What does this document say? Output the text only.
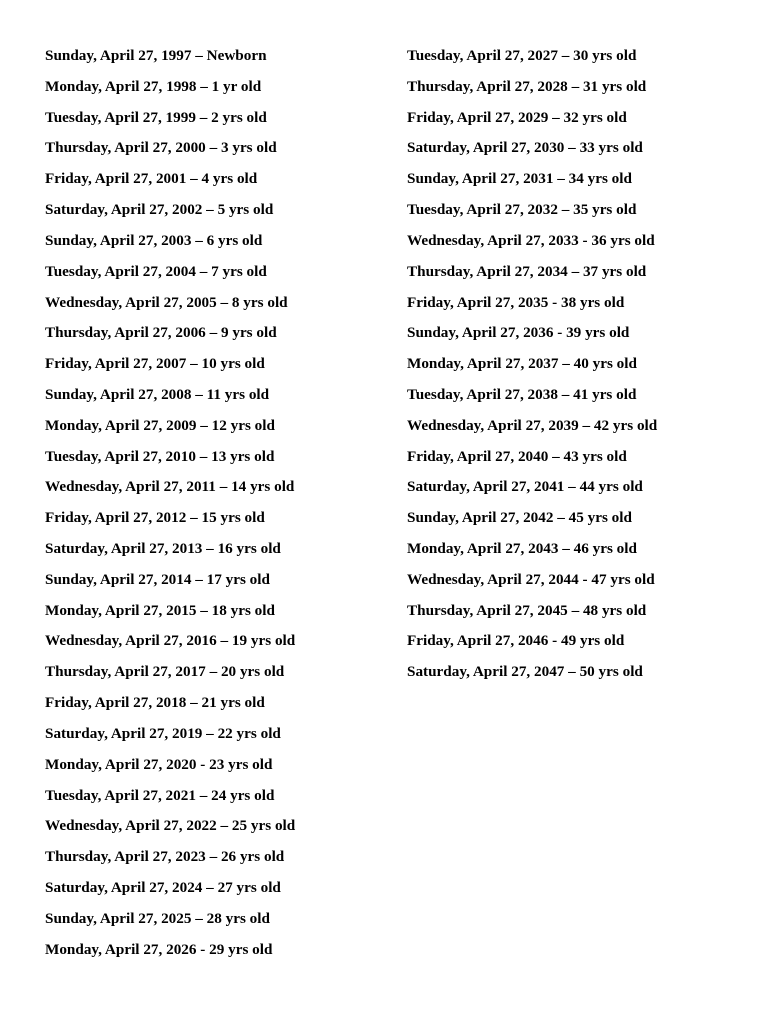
Sunday, April 27, 1997 – Newborn
Monday, April 27, 1998 – 1 yr old
Tuesday, April 27, 1999 – 2 yrs old
Thursday, April 27, 2000 – 3 yrs old
Friday, April 27, 2001 – 4 yrs old
Saturday, April 27, 2002 – 5 yrs old
Sunday, April 27, 2003 – 6 yrs old
Tuesday, April 27, 2004 – 7 yrs old
Wednesday, April 27, 2005 – 8 yrs old
Thursday, April 27, 2006 – 9 yrs old
Friday, April 27, 2007 – 10 yrs old
Sunday, April 27, 2008 – 11 yrs old
Monday, April 27, 2009 – 12 yrs old
Tuesday, April 27, 2010 – 13 yrs old
Wednesday, April 27, 2011 – 14 yrs old
Friday, April 27, 2012 – 15 yrs old
Saturday, April 27, 2013 – 16 yrs old
Sunday, April 27, 2014 – 17 yrs old
Monday, April 27, 2015 – 18 yrs old
Wednesday, April 27, 2016 – 19 yrs old
Thursday, April 27, 2017 – 20 yrs old
Friday, April 27, 2018 – 21 yrs old
Saturday, April 27, 2019 – 22 yrs old
Monday, April 27, 2020 - 23 yrs old
Tuesday, April 27, 2021 – 24 yrs old
Wednesday, April 27, 2022 – 25 yrs old
Thursday, April 27, 2023 – 26 yrs old
Saturday, April 27, 2024 – 27 yrs old
Sunday, April 27, 2025 – 28 yrs old
Monday, April 27, 2026 - 29 yrs old
Tuesday, April 27, 2027 – 30 yrs old
Thursday, April 27, 2028 – 31 yrs old
Friday, April 27, 2029 – 32 yrs old
Saturday, April 27, 2030 – 33 yrs old
Sunday, April 27, 2031 – 34 yrs old
Tuesday, April 27, 2032 – 35 yrs old
Wednesday, April 27, 2033 - 36 yrs old
Thursday, April 27, 2034 – 37 yrs old
Friday, April 27, 2035 - 38 yrs old
Sunday, April 27, 2036 - 39 yrs old
Monday, April 27, 2037 – 40 yrs old
Tuesday, April 27, 2038 – 41 yrs old
Wednesday, April 27, 2039 – 42 yrs old
Friday, April 27, 2040 – 43 yrs old
Saturday, April 27, 2041 – 44 yrs old
Sunday, April 27, 2042 – 45 yrs old
Monday, April 27, 2043 – 46 yrs old
Wednesday, April 27, 2044 - 47 yrs old
Thursday, April 27, 2045 – 48 yrs old
Friday, April 27, 2046 - 49 yrs old
Saturday, April 27, 2047 – 50 yrs old
